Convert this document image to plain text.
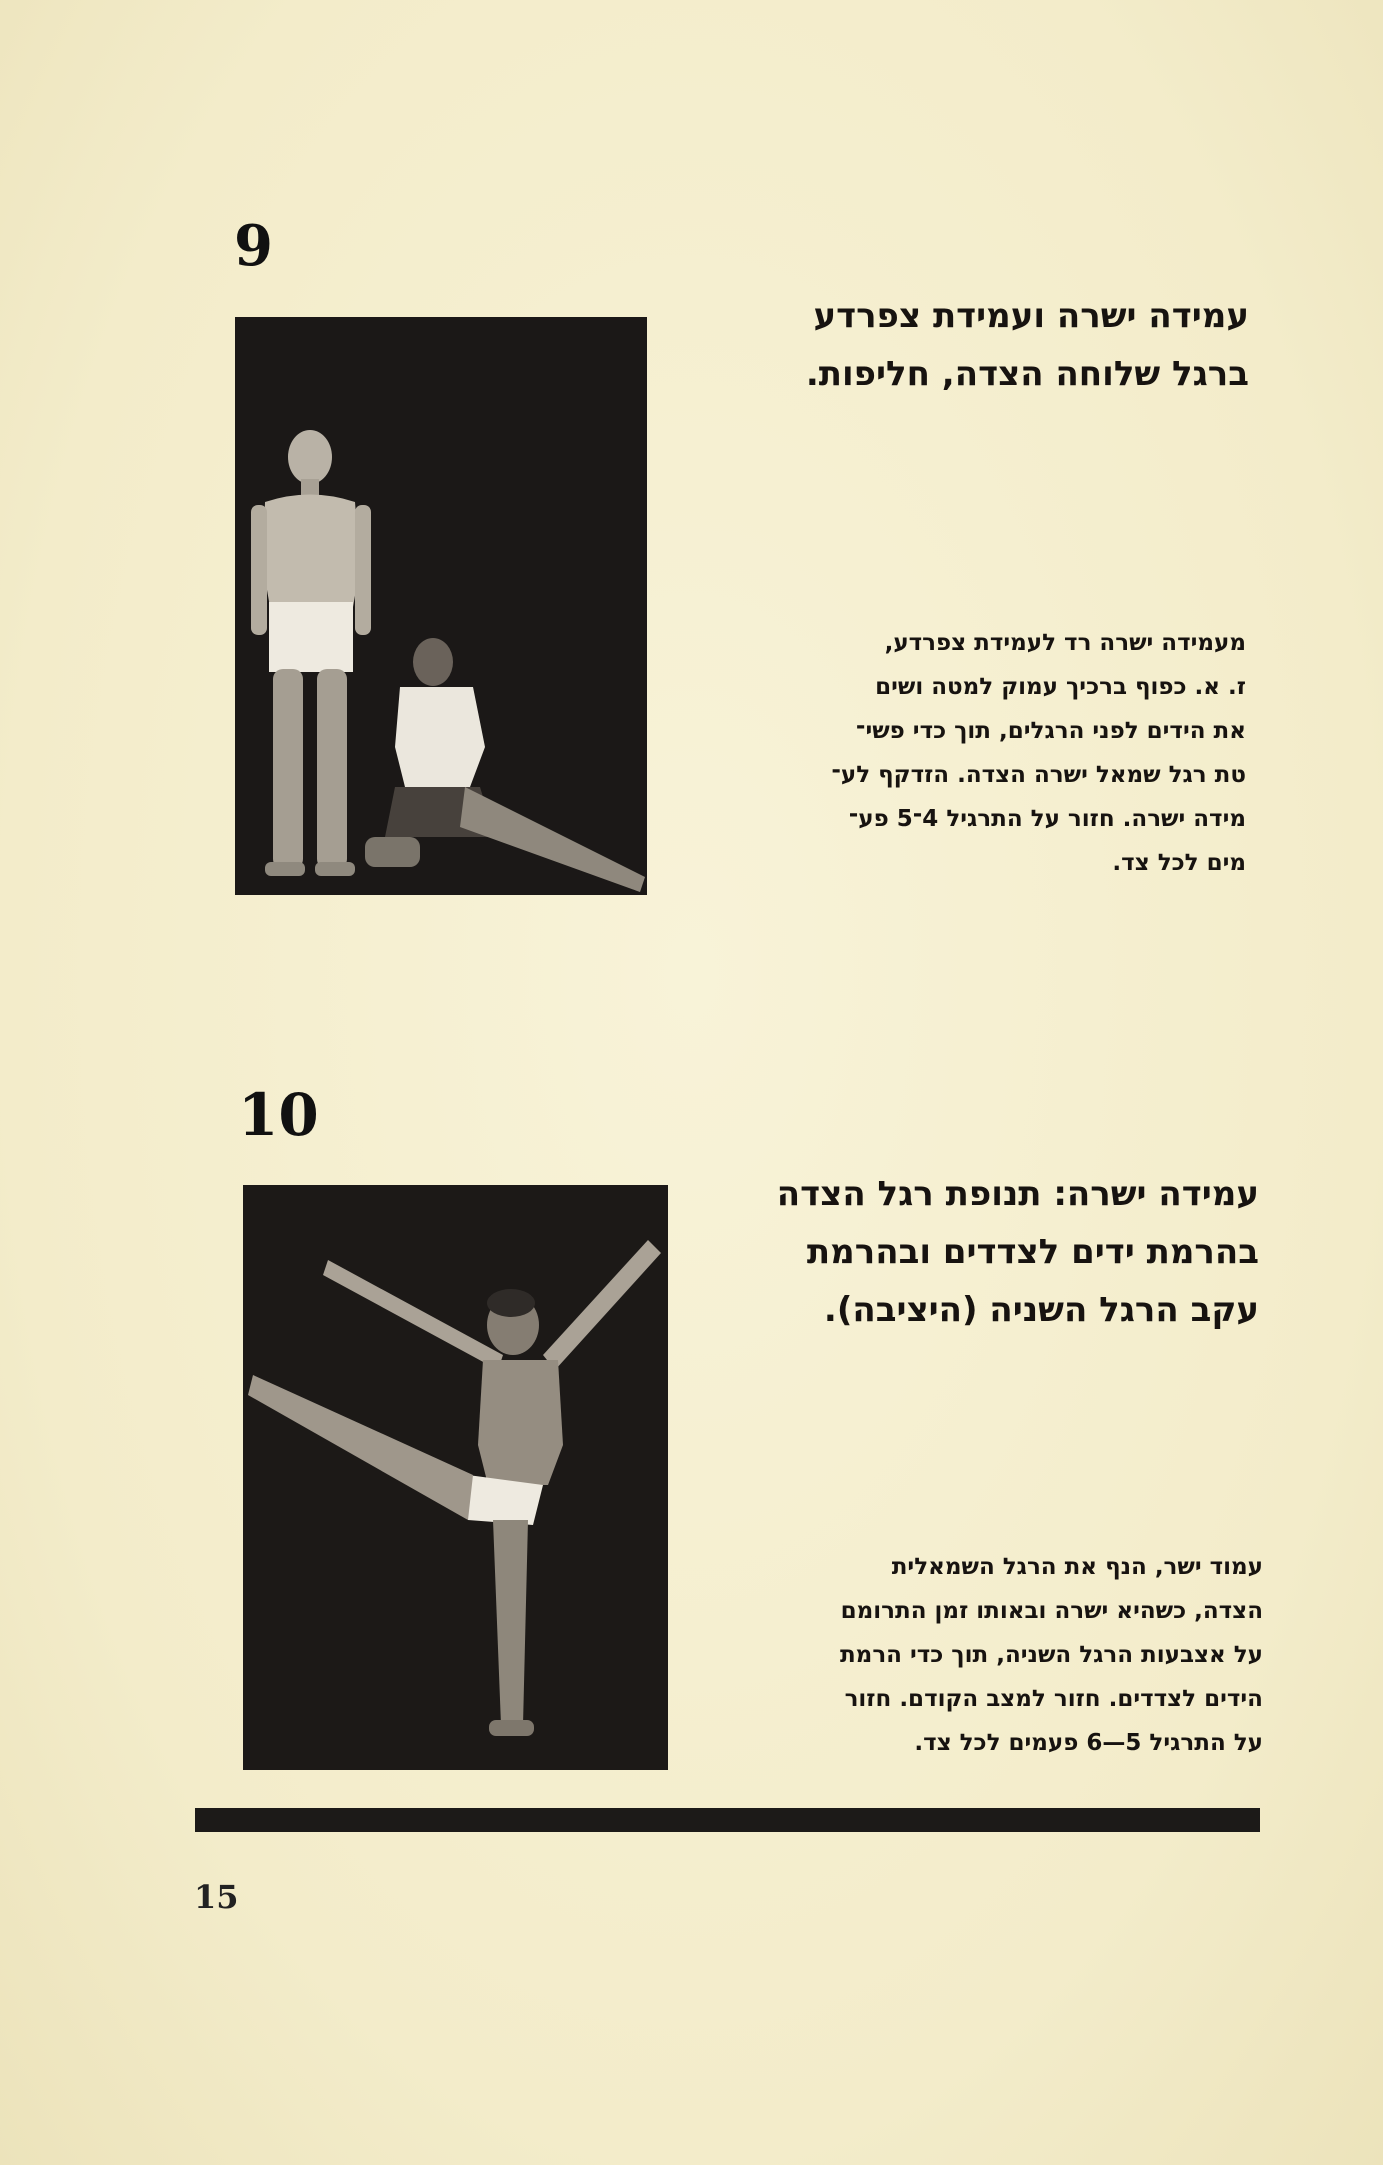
9

עמידה ישרה ועמידת צפרדע

ברגל שלוחה הצדה, חליפות.

מעמידה ישרה רד לעמידת צפרדע,

ז. א. כפוף ברכיך עמוק למטה ושים

את הידים לפני הרגלים, תוך כדי פשי־

טת רגל שמאל ישרה הצדה. הזדקף לע־

מידה ישרה. חזור על התרגיל 4־5 פע־

מים לכל צד.

10

עמידה ישרה: תנופת רגל הצדה

בהרמת ידים לצדדים ובהרמת

עקב הרגל השניה (היציבה).

עמוד ישר, הנף את הרגל השמאלית

הצדה, כשהיא ישרה ובאותו זמן התרומם

על אצבעות הרגל השניה, תוך כדי הרמת

הידים לצדדים. חזור למצב הקודם. חזור

על התרגיל 5—6 פעמים לכל צד.

15
